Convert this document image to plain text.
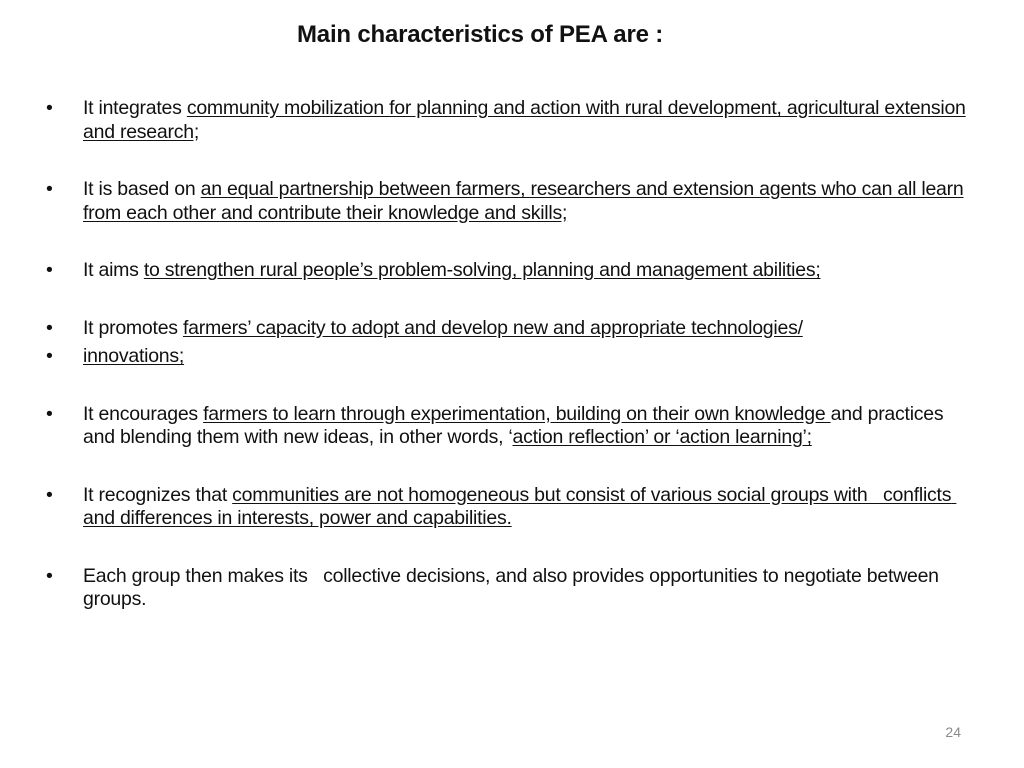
Main characteristics of PEA are :
• It integrates community mobilization for planning and action with rural development, agricultural extension and research;
• It is based on an equal partnership between farmers, researchers and extension agents who can all learn from each other and contribute their knowledge and skills;
• It aims to strengthen rural people’s problem-solving, planning and management abilities;
• It promotes farmers’ capacity to adopt and develop new and appropriate technologies/
• innovations;
• It encourages farmers to learn through experimentation, building on their own knowledge and practices and blending them with new ideas, in other words, ‘action reflection’ or ‘action learning’;
• It recognizes that communities are not homogeneous but consist of various social groups with   conflicts and differences in interests, power and capabilities.
• Each group then makes its   collective decisions, and also provides opportunities to negotiate between groups.
24
